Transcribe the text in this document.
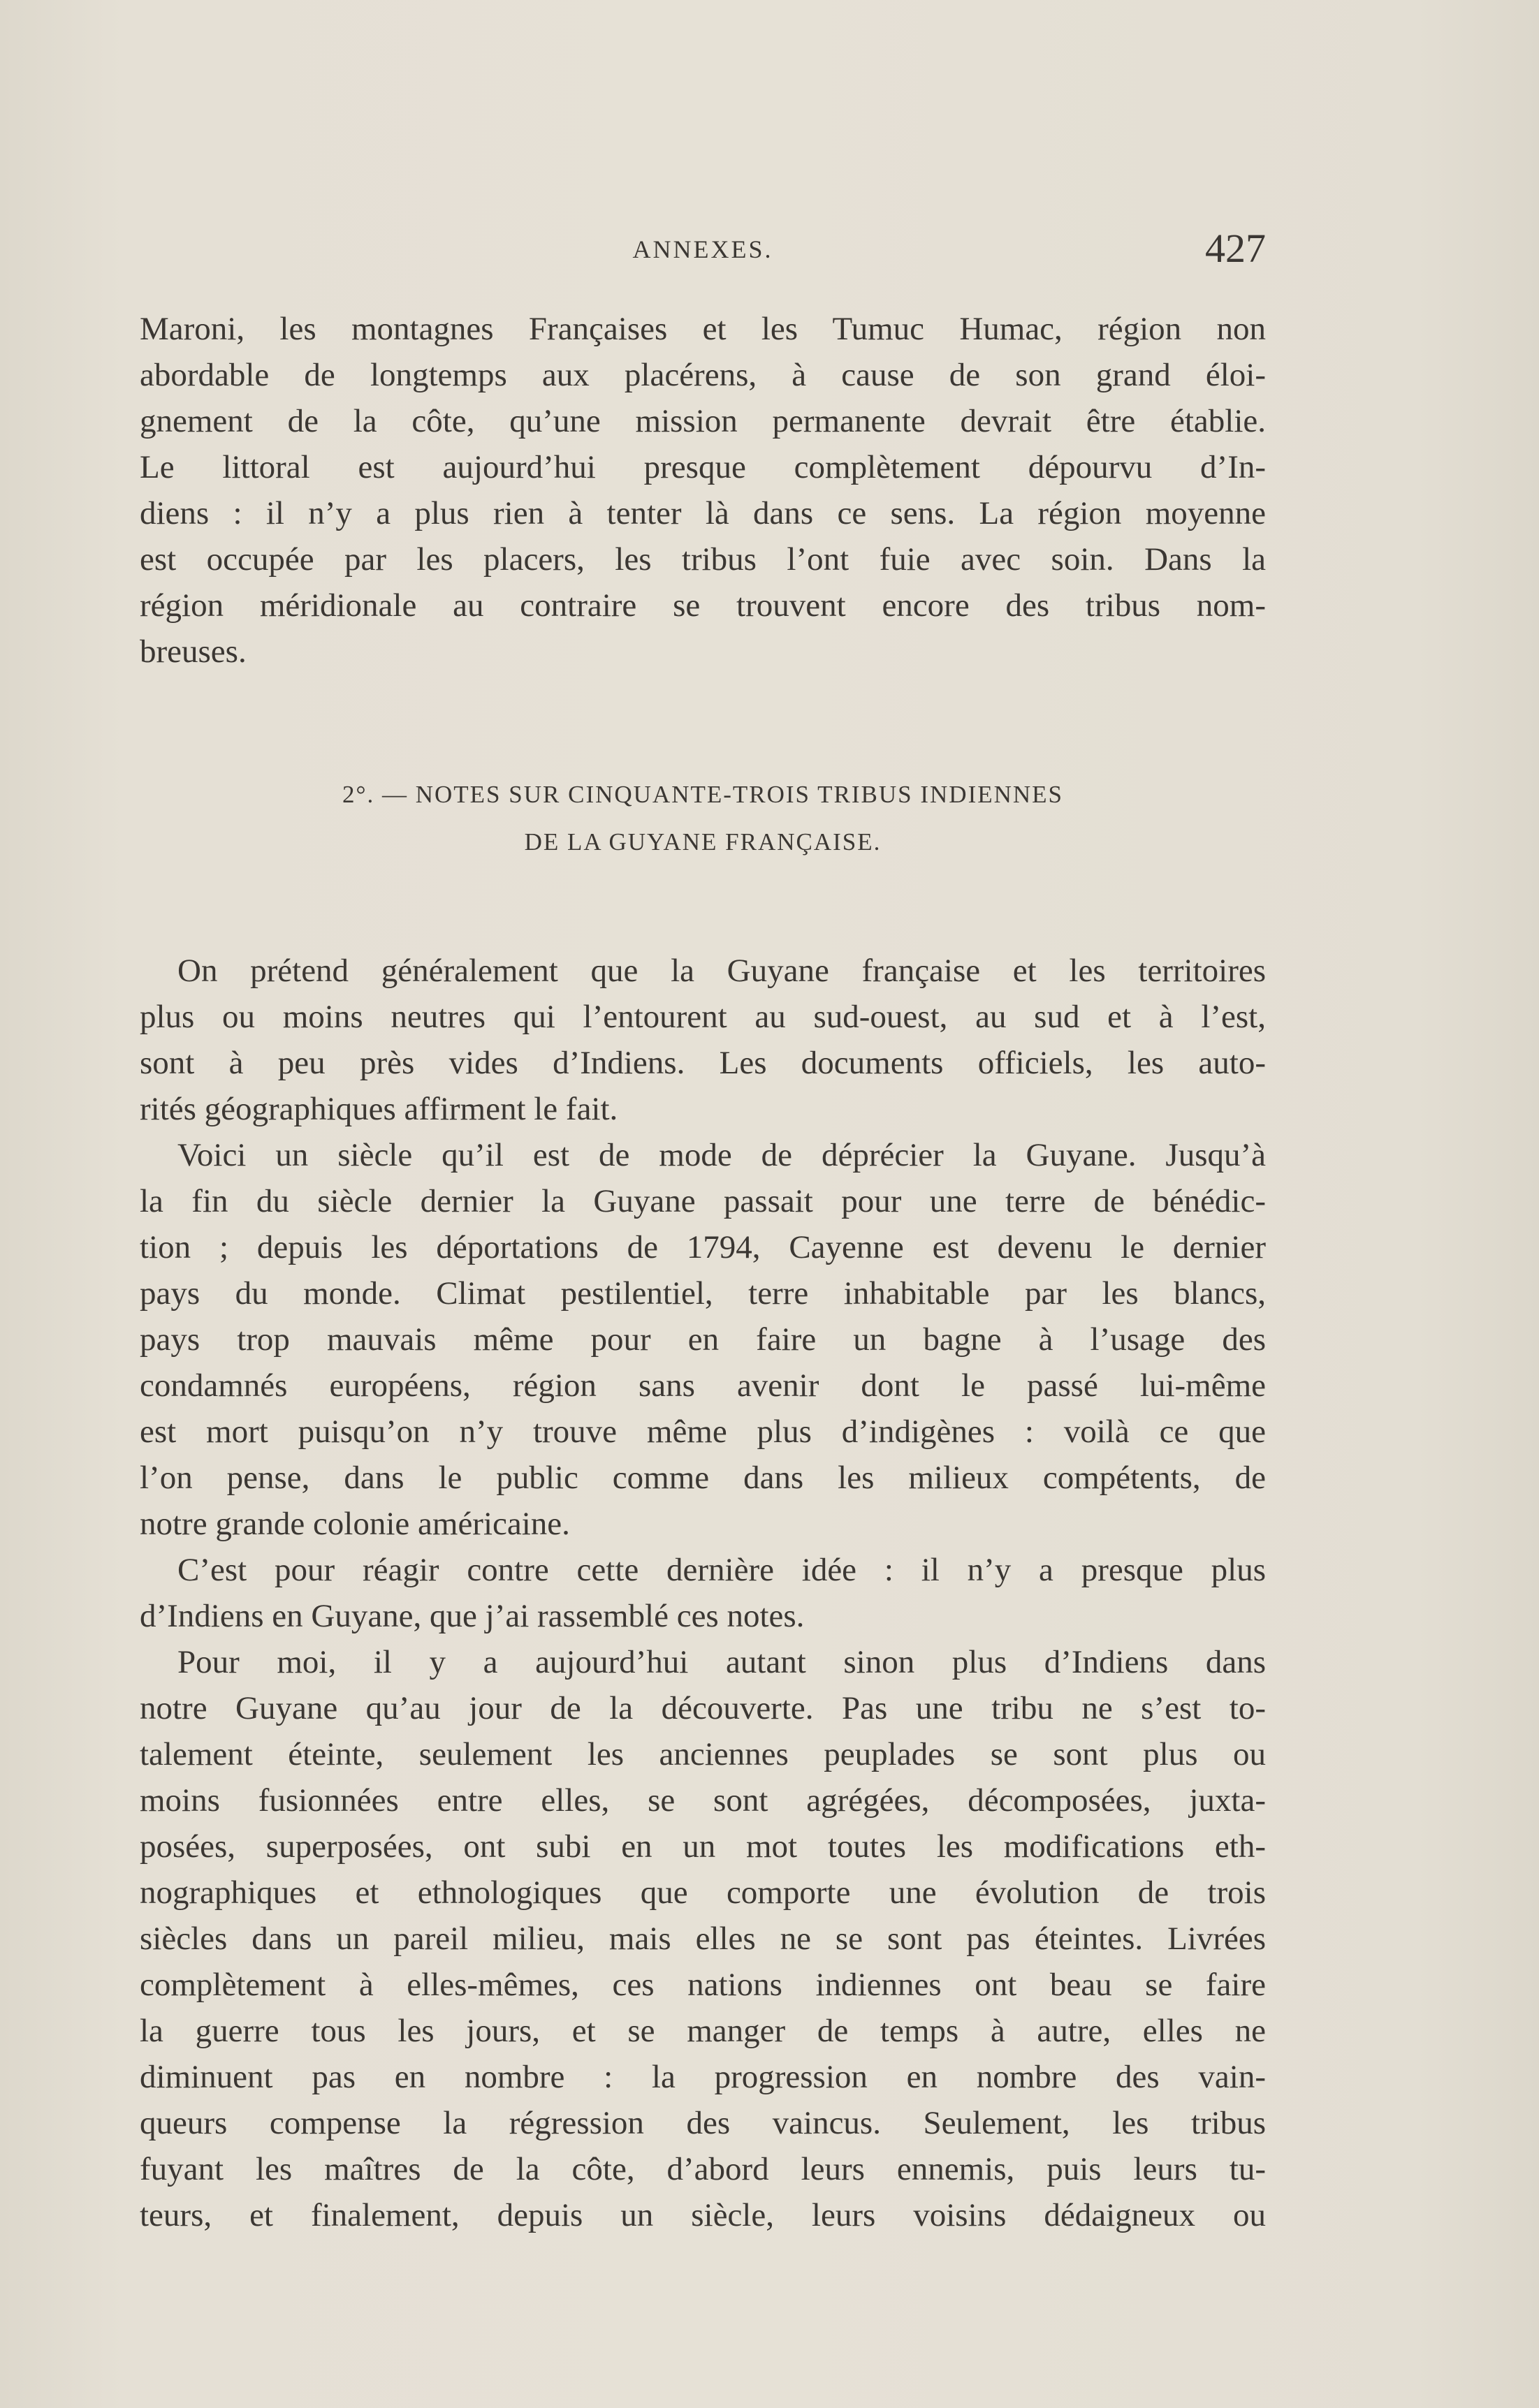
ANNEXES.	427
Maroni, les montagnes Françaises et les Tumuc Humac, région non
abordable de longtemps aux placérens, à cause de son grand éloi-
gnement de la côte, qu’une mission permanente devrait être établie.
Le littoral est aujourd’hui presque complètement dépourvu d’In-
diens : il n’y a plus rien à tenter là dans ce sens. La région moyenne
est occupée par les placers, les tribus l’ont fuie avec soin. Dans la
région méridionale au contraire se trouvent encore des tribus nom-
breuses.
2°. — NOTES SUR CINQUANTE-TROIS TRIBUS INDIENNES
DE LA GUYANE FRANÇAISE.
On prétend généralement que la Guyane française et les territoires
plus ou moins neutres qui l’entourent au sud-ouest, au sud et à l’est,
sont à peu près vides d’Indiens. Les documents officiels, les auto-
rités géographiques affirment le fait.
Voici un siècle qu’il est de mode de déprécier la Guyane. Jusqu’à
la fin du siècle dernier la Guyane passait pour une terre de bénédic-
tion ; depuis les déportations de 1794, Cayenne est devenu le dernier
pays du monde. Climat pestilentiel, terre inhabitable par les blancs,
pays trop mauvais même pour en faire un bagne à l’usage des
condamnés européens, région sans avenir dont le passé lui-même
est mort puisqu’on n’y trouve même plus d’indigènes : voilà ce que
l’on pense, dans le public comme dans les milieux compétents, de
notre grande colonie américaine.
C’est pour réagir contre cette dernière idée : il n’y a presque plus
d’Indiens en Guyane, que j’ai rassemblé ces notes.
Pour moi, il y a aujourd’hui autant sinon plus d’Indiens dans
notre Guyane qu’au jour de la découverte. Pas une tribu ne s’est to-
talement éteinte, seulement les anciennes peuplades se sont plus ou
moins fusionnées entre elles, se sont agrégées, décomposées, juxta-
posées, superposées, ont subi en un mot toutes les modifications eth-
nographiques et ethnologiques que comporte une évolution de trois
siècles dans un pareil milieu, mais elles ne se sont pas éteintes. Livrées
complètement à elles-mêmes, ces nations indiennes ont beau se faire
la guerre tous les jours, et se manger de temps à autre, elles ne
diminuent pas en nombre : la progression en nombre des vain-
queurs compense la régression des vaincus. Seulement, les tribus
fuyant les maîtres de la côte, d’abord leurs ennemis, puis leurs tu-
teurs, et finalement, depuis un siècle, leurs voisins dédaigneux ou
